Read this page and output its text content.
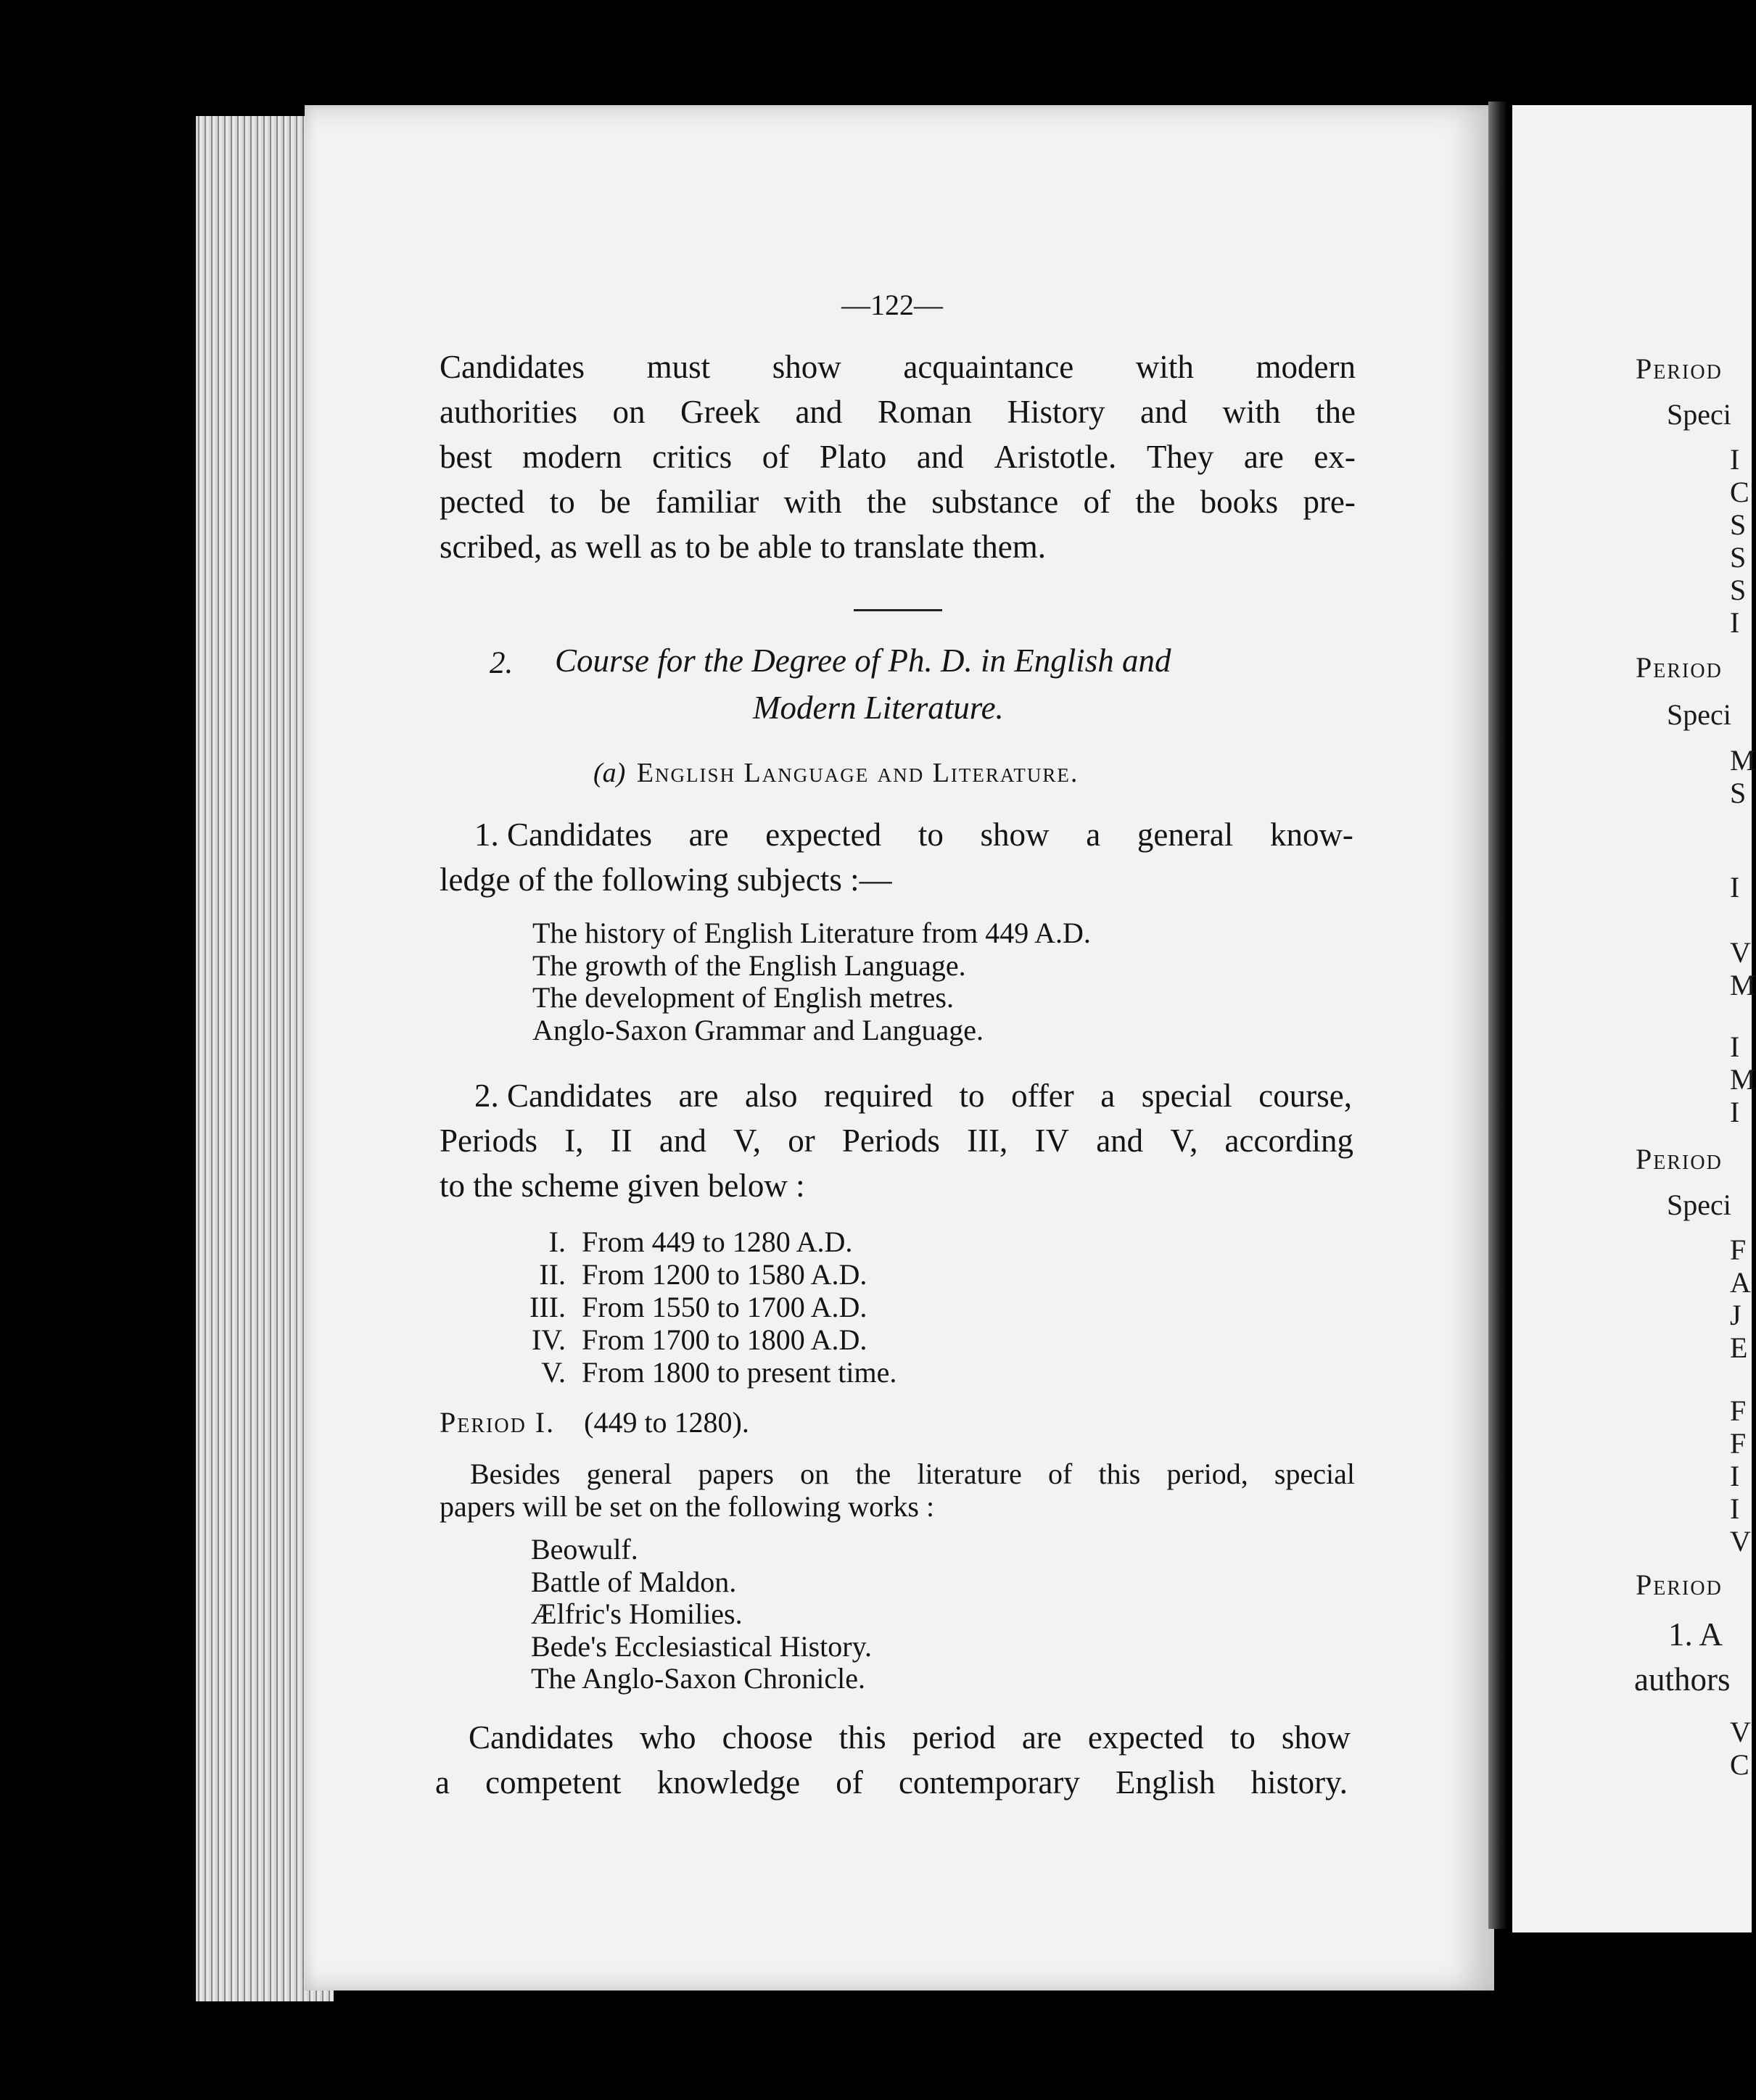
—122—
Candidates must show acquaintance with modern
authorities on Greek and Roman History and with the
best modern critics of Plato and Aristotle. They are ex-
pected to be familiar with the substance of the books pre-
scribed, as well as to be able to translate them.
2. Course for the Degree of Ph. D. in English and
Modern Literature.
(a) English Language and Literature.
1. Candidates are expected to show a general know-
ledge of the following subjects :—
The history of English Literature from 449 A.D.
The growth of the English Language.
The development of English metres.
Anglo-Saxon Grammar and Language.
2. Candidates are also required to offer a special course,
Periods I, II and V, or Periods III, IV and V, according
to the scheme given below :
I. From 449 to 1280 A.D.
II. From 1200 to 1580 A.D.
III. From 1550 to 1700 A.D.
IV. From 1700 to 1800 A.D.
V. From 1800 to present time.
Period I. (449 to 1280).
Besides general papers on the literature of this period, special
papers will be set on the following works :
Beowulf.
Battle of Maldon.
Ælfric's Homilies.
Bede's Ecclesiastical History.
The Anglo-Saxon Chronicle.
Candidates who choose this period are expected to show
a competent knowledge of contemporary English history.
Period
Speci
I
C
S
S
S
I
Period
Speci
M
S
I
V
M
I
M
I
Period
Speci
F
A
J
E
F
F
I
I
V
Period
1. A
authors
V
C
